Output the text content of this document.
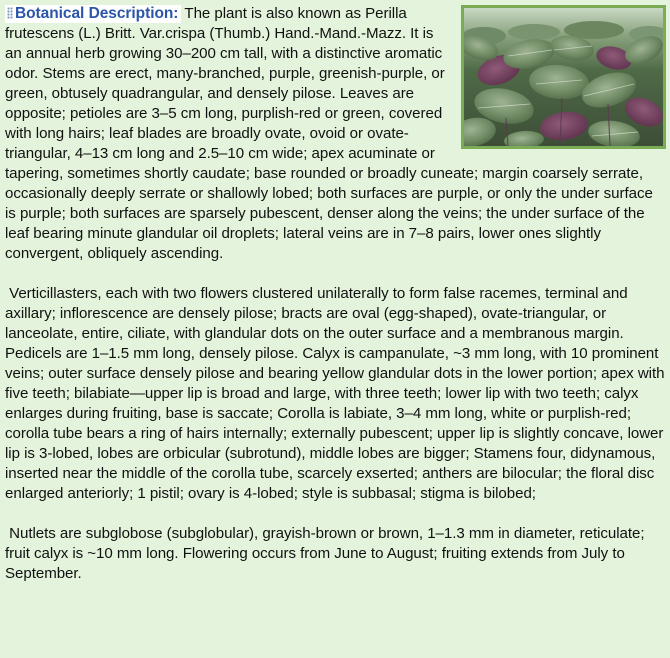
Botanical Description: The plant is also known as Perilla frutescens (L.) Britt. Var.crispa (Thumb.) Hand.-Mand.-Mazz. It is an annual herb growing 30–200 cm tall, with a distinctive aromatic odor. Stems are erect, many-branched, purple, greenish-purple, or green, obtusely quadrangular, and densely pilose. Leaves are opposite; petioles are 3–5 cm long, purplish-red or green, covered with long hairs; leaf blades are broadly ovate, ovoid or ovate-triangular, 4–13 cm long and 2.5–10 cm wide; apex acuminate or tapering, sometimes shortly caudate; base rounded or broadly cuneate; margin coarsely serrate, occasionally deeply serrate or shallowly lobed; both surfaces are purple, or only the under surface is purple; both surfaces are sparsely pubescent, denser along the veins; the under surface of the leaf bearing minute glandular oil droplets; lateral veins are in 7–8 pairs, lower ones slightly convergent, obliquely ascending.

Verticillasters, each with two flowers clustered unilaterally to form false racemes, terminal and axillary; inflorescence are densely pilose; bracts are oval (egg-shaped), ovate-triangular, or lanceolate, entire, ciliate, with glandular dots on the outer surface and a membranous margin. Pedicels are 1–1.5 mm long, densely pilose. Calyx is campanulate, ~3 mm long, with 10 prominent veins; outer surface densely pilose and bearing yellow glandular dots in the lower portion; apex with five teeth; bilabiate—upper lip is broad and large, with three teeth; lower lip with two teeth; calyx enlarges during fruiting, base is saccate; Corolla is labiate, 3–4 mm long, white or purplish-red; corolla tube bears a ring of hairs internally; externally pubescent; upper lip is slightly concave, lower lip is 3-lobed, lobes are orbicular (subrotund), middle lobes are bigger; Stamens four, didynamous, inserted near the middle of the corolla tube, scarcely exserted; anthers are bilocular; the floral disc enlarged anteriorly; 1 pistil; ovary is 4-lobed; style is subbasal; stigma is bilobed;

Nutlets are subglobose (subglobular), grayish-brown or brown, 1–1.3 mm in diameter, reticulate; fruit calyx is ~10 mm long. Flowering occurs from June to August; fruiting extends from July to September.
